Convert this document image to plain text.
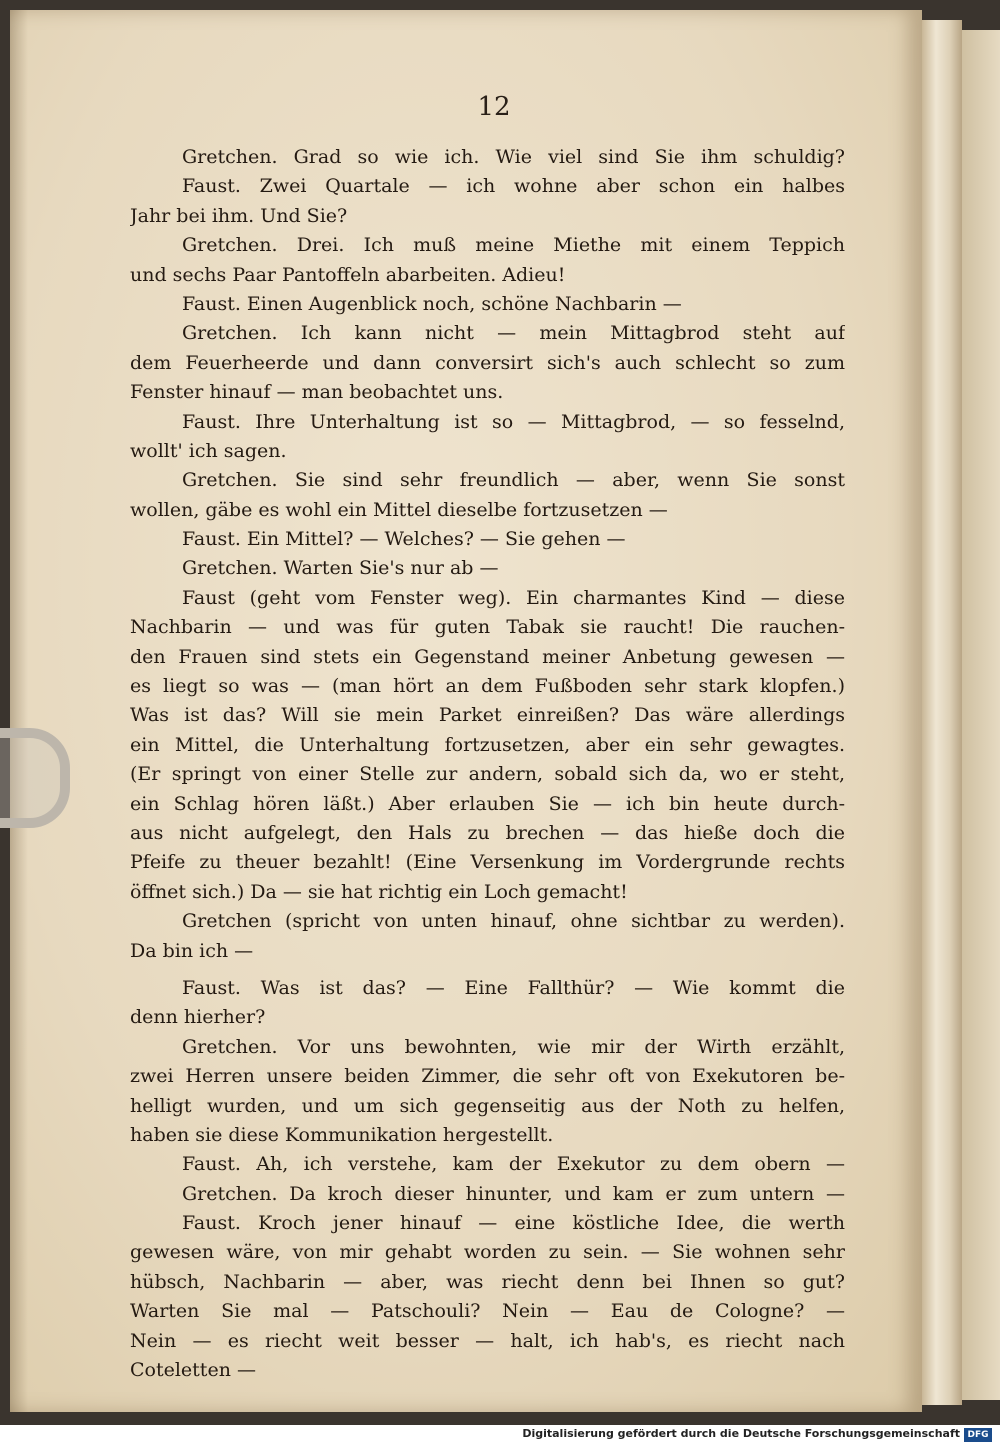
12
Gretchen. Grad so wie ich. Wie viel sind Sie ihm schuldig?
Faust. Zwei Quartale — ich wohne aber schon ein halbes
Jahr bei ihm. Und Sie?
Gretchen. Drei. Ich muß meine Miethe mit einem Teppich
und sechs Paar Pantoffeln abarbeiten. Adieu!
Faust. Einen Augenblick noch, schöne Nachbarin —
Gretchen. Ich kann nicht — mein Mittagbrod steht auf
dem Feuerheerde und dann conversirt sich's auch schlecht so zum
Fenster hinauf — man beobachtet uns.
Faust. Ihre Unterhaltung ist so — Mittagbrod, — so fesselnd,
wollt' ich sagen.
Gretchen. Sie sind sehr freundlich — aber, wenn Sie sonst
wollen, gäbe es wohl ein Mittel dieselbe fortzusetzen —
Faust. Ein Mittel? — Welches? — Sie gehen —
Gretchen. Warten Sie's nur ab —
Faust (geht vom Fenster weg). Ein charmantes Kind — diese
Nachbarin — und was für guten Tabak sie raucht! Die rauchen-
den Frauen sind stets ein Gegenstand meiner Anbetung gewesen —
es liegt so was — (man hört an dem Fußboden sehr stark klopfen.)
Was ist das? Will sie mein Parket einreißen? Das wäre allerdings
ein Mittel, die Unterhaltung fortzusetzen, aber ein sehr gewagtes.
(Er springt von einer Stelle zur andern, sobald sich da, wo er steht,
ein Schlag hören läßt.) Aber erlauben Sie — ich bin heute durch-
aus nicht aufgelegt, den Hals zu brechen — das hieße doch die
Pfeife zu theuer bezahlt! (Eine Versenkung im Vordergrunde rechts
öffnet sich.) Da — sie hat richtig ein Loch gemacht!
Gretchen (spricht von unten hinauf, ohne sichtbar zu werden).
Da bin ich —
Faust. Was ist das? — Eine Fallthür? — Wie kommt die
denn hierher?
Gretchen. Vor uns bewohnten, wie mir der Wirth erzählt,
zwei Herren unsere beiden Zimmer, die sehr oft von Exekutoren be-
helligt wurden, und um sich gegenseitig aus der Noth zu helfen,
haben sie diese Kommunikation hergestellt.
Faust. Ah, ich verstehe, kam der Exekutor zu dem obern —
Gretchen. Da kroch dieser hinunter, und kam er zum untern —
Faust. Kroch jener hinauf — eine köstliche Idee, die werth
gewesen wäre, von mir gehabt worden zu sein. — Sie wohnen sehr
hübsch, Nachbarin — aber, was riecht denn bei Ihnen so gut?
Warten Sie mal — Patschouli? Nein — Eau de Cologne? —
Nein — es riecht weit besser — halt, ich hab's, es riecht nach
Coteletten —
Digitalisierung gefördert durch die Deutsche Forschungsgemeinschaft DFG
